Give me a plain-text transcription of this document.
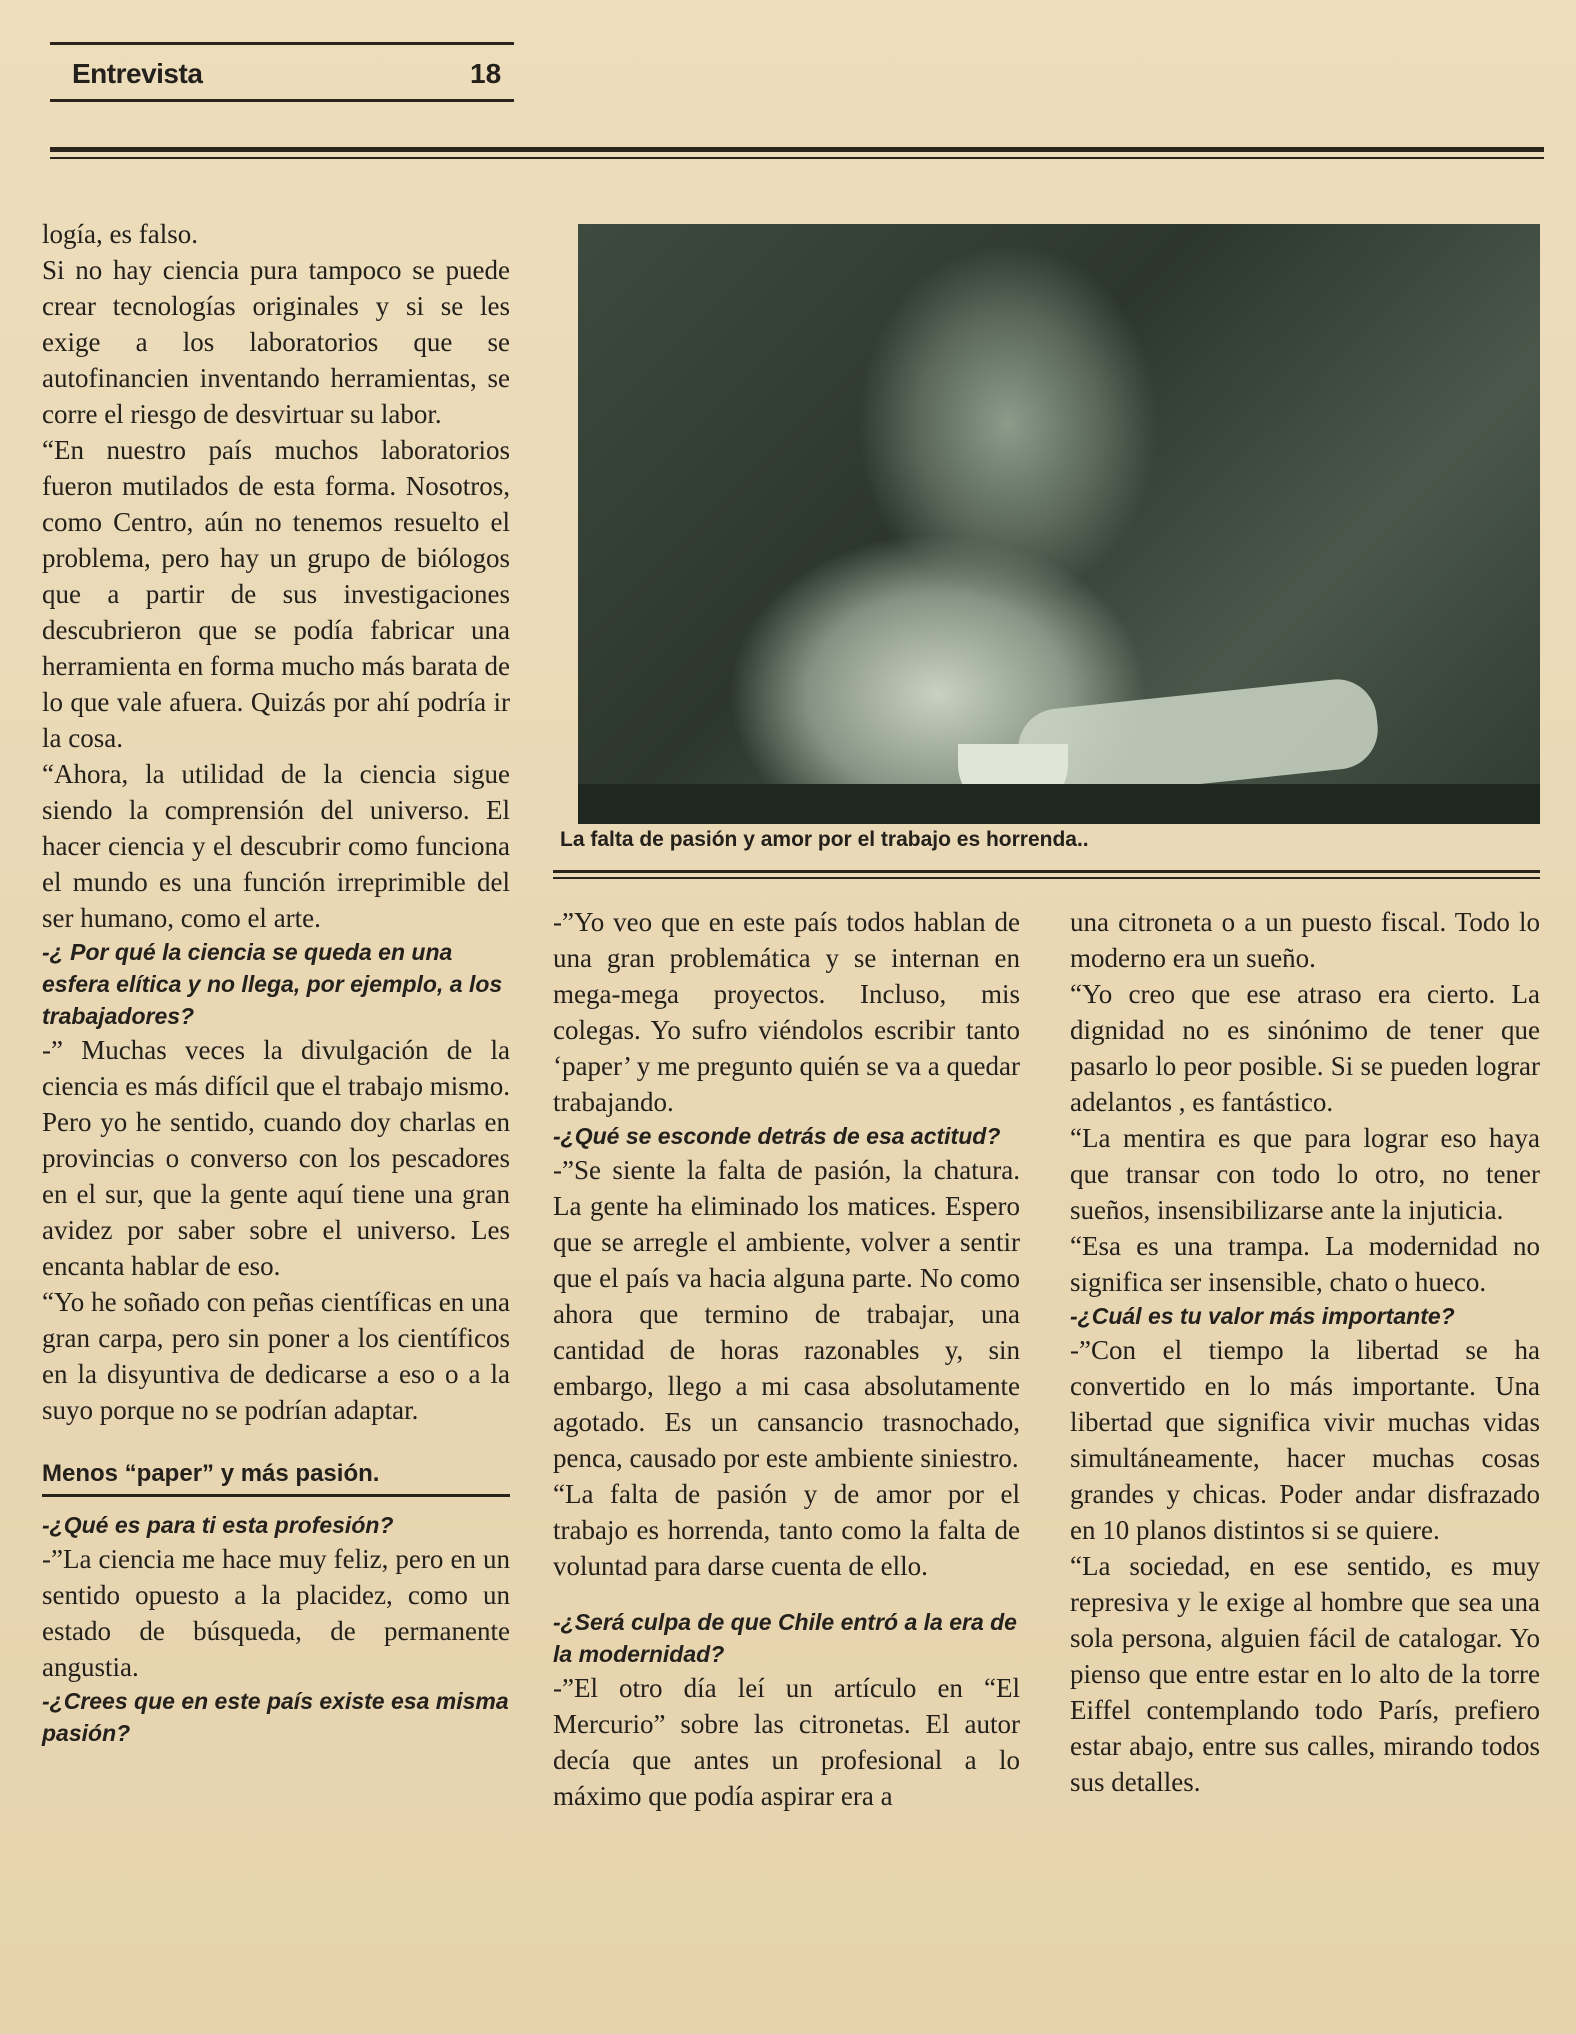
Entrevista	18

logía, es falso.

Si no hay ciencia pura tampoco se puede crear tecnologías originales y si se les exige a los laboratorios que se autofinancien inventando herramientas, se corre el riesgo de desvirtuar su labor.

“En nuestro país muchos laboratorios fueron mutilados de esta forma. Nosotros, como Centro, aún no tenemos resuelto el problema, pero hay un grupo de biólogos que a partir de sus investigaciones descubrieron que se podía fabricar una herramienta en forma mucho más barata de lo que vale afuera. Quizás por ahí podría ir la cosa.

“Ahora, la utilidad de la ciencia sigue siendo la comprensión del universo. El hacer ciencia y el descubrir como funciona el mundo es una función irreprimible del ser humano, como el arte.

-¿ Por qué la ciencia se queda en una esfera elítica y no llega, por ejemplo, a los trabajadores?

-” Muchas veces la divulgación de la ciencia es más difícil que el trabajo mismo. Pero yo he sentido, cuando doy charlas en provincias o converso con los pescadores en el sur, que la gente aquí tiene una gran avidez por saber sobre el universo. Les encanta hablar de eso.

“Yo he soñado con peñas científicas en una gran carpa, pero sin poner a los científicos en la disyuntiva de dedicarse a eso o a la suyo porque no se podrían adaptar.

Menos “paper” y más pasión.

-¿Qué es para ti esta profesión?

-”La ciencia me hace muy feliz, pero en un sentido opuesto a la placidez, como un estado de búsqueda, de permanente angustia.

-¿Crees que en este país existe esa misma pasión?

La falta de pasión y amor por el trabajo es horrenda..

-”Yo veo que en este país todos hablan de una gran problemática y se internan en mega-mega proyectos. Incluso, mis colegas. Yo sufro viéndolos escribir tanto ‘paper’ y me pregunto quién se va a quedar trabajando.

-¿Qué se esconde detrás de esa actitud?

-”Se siente la falta de pasión, la chatura. La gente ha eliminado los matices. Espero que se arregle el ambiente, volver a sentir que el país va hacia alguna parte. No como ahora que termino de trabajar, una cantidad de horas razonables y, sin embargo, llego a mi casa absolutamente agotado. Es un cansancio trasnochado, penca, causado por este ambiente siniestro.

“La falta de pasión y de amor por el trabajo es horrenda, tanto como la falta de voluntad para darse cuenta de ello.

-¿Será culpa de que Chile entró a la era de la modernidad?

-”El otro día leí un artículo en “El Mercurio” sobre las citronetas. El autor decía que antes un profesional a lo máximo que podía aspirar era a

una citroneta o a un puesto fiscal. Todo lo moderno era un sueño.

“Yo creo que ese atraso era cierto. La dignidad no es sinónimo de tener que pasarlo lo peor posible. Si se pueden lograr adelantos , es fantástico.

“La mentira es que para lograr eso haya que transar con todo lo otro, no tener sueños, insensibilizarse ante la injuticia.

“Esa es una trampa. La modernidad no significa ser insensible, chato o hueco.

-¿Cuál es tu valor más importante?

-”Con el tiempo la libertad se ha convertido en lo más importante. Una libertad que significa vivir muchas vidas simultáneamente, hacer muchas cosas grandes y chicas. Poder andar disfrazado en 10 planos distintos si se quiere.

“La sociedad, en ese sentido, es muy represiva y le exige al hombre que sea una sola persona, alguien fácil de catalogar. Yo pienso que entre estar en lo alto de la torre Eiffel contemplando todo París, prefiero estar abajo, entre sus calles, mirando todos sus detalles.
